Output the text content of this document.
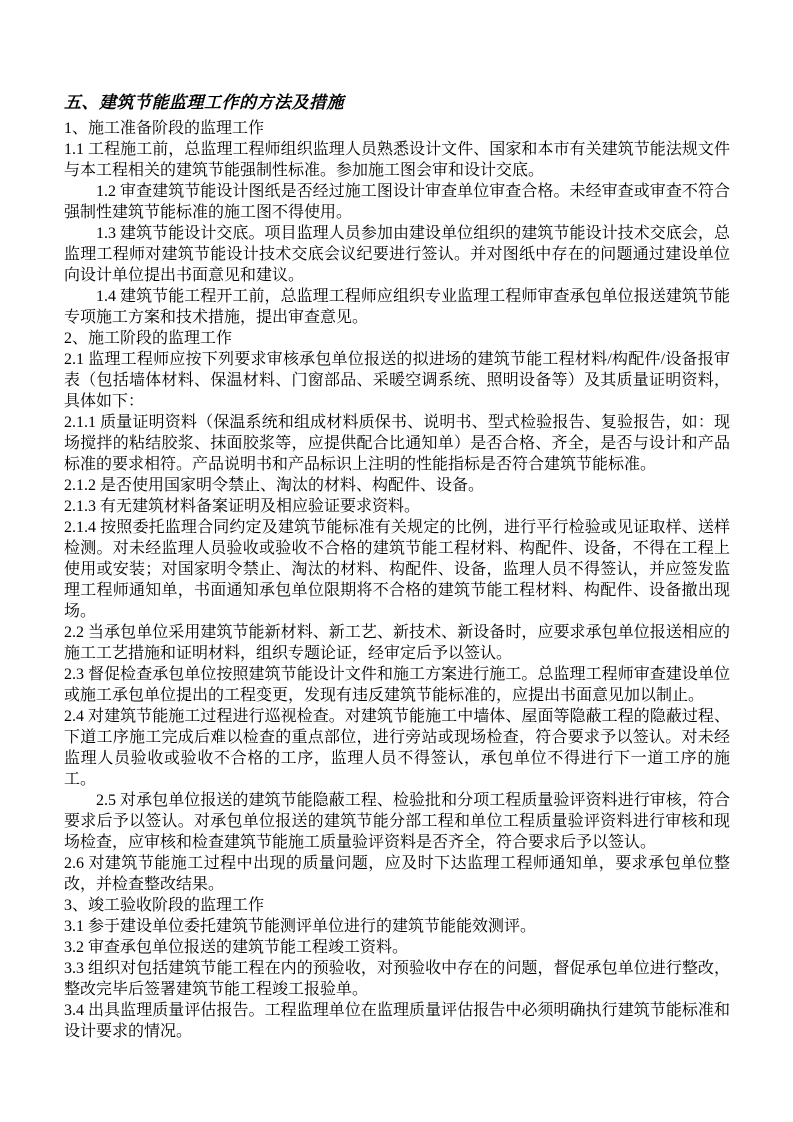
五、建筑节能监理工作的方法及措施

1、施工准备阶段的监理工作

1.1 工程施工前，总监理工程师组织监理人员熟悉设计文件、国家和本市有关建筑节能法规文件与本工程相关的建筑节能强制性标准。参加施工图会审和设计交底。

1.2 审查建筑节能设计图纸是否经过施工图设计审查单位审查合格。未经审查或审查不符合强制性建筑节能标准的施工图不得使用。

1.3 建筑节能设计交底。项目监理人员参加由建设单位组织的建筑节能设计技术交底会，总监理工程师对建筑节能设计技术交底会议纪要进行签认。并对图纸中存在的问题通过建设单位向设计单位提出书面意见和建议。

1.4 建筑节能工程开工前，总监理工程师应组织专业监理工程师审查承包单位报送建筑节能专项施工方案和技术措施，提出审查意见。

2、施工阶段的监理工作

2.1 监理工程师应按下列要求审核承包单位报送的拟进场的建筑节能工程材料/构配件/设备报审表（包括墙体材料、保温材料、门窗部品、采暖空调系统、照明设备等）及其质量证明资料，具体如下：

2.1.1 质量证明资料（保温系统和组成材料质保书、说明书、型式检验报告、复验报告，如：现场搅拌的粘结胶浆、抹面胶浆等，应提供配合比通知单）是否合格、齐全，是否与设计和产品标准的要求相符。产品说明书和产品标识上注明的性能指标是否符合建筑节能标准。

2.1.2 是否使用国家明令禁止、淘汰的材料、构配件、设备。

2.1.3 有无建筑材料备案证明及相应验证要求资料。

2.1.4 按照委托监理合同约定及建筑节能标准有关规定的比例，进行平行检验或见证取样、送样检测。对未经监理人员验收或验收不合格的建筑节能工程材料、构配件、设备，不得在工程上使用或安装；对国家明令禁止、淘汰的材料、构配件、设备，监理人员不得签认，并应签发监理工程师通知单，书面通知承包单位限期将不合格的建筑节能工程材料、构配件、设备撤出现场。

2.2 当承包单位采用建筑节能新材料、新工艺、新技术、新设备时，应要求承包单位报送相应的施工工艺措施和证明材料，组织专题论证，经审定后予以签认。

2.3 督促检查承包单位按照建筑节能设计文件和施工方案进行施工。总监理工程师审查建设单位或施工承包单位提出的工程变更，发现有违反建筑节能标准的，应提出书面意见加以制止。

2.4 对建筑节能施工过程进行巡视检查。对建筑节能施工中墙体、屋面等隐蔽工程的隐蔽过程、下道工序施工完成后难以检查的重点部位，进行旁站或现场检查，符合要求予以签认。对未经监理人员验收或验收不合格的工序，监理人员不得签认，承包单位不得进行下一道工序的施工。

2.5 对承包单位报送的建筑节能隐蔽工程、检验批和分项工程质量验评资料进行审核，符合要求后予以签认。对承包单位报送的建筑节能分部工程和单位工程质量验评资料进行审核和现场检查，应审核和检查建筑节能施工质量验评资料是否齐全，符合要求后予以签认。

2.6 对建筑节能施工过程中出现的质量问题，应及时下达监理工程师通知单，要求承包单位整改，并检查整改结果。

3、竣工验收阶段的监理工作

3.1 参于建设单位委托建筑节能测评单位进行的建筑节能能效测评。

3.2 审查承包单位报送的建筑节能工程竣工资料。

3.3 组织对包括建筑节能工程在内的预验收，对预验收中存在的问题，督促承包单位进行整改，整改完毕后签署建筑节能工程竣工报验单。

3.4 出具监理质量评估报告。工程监理单位在监理质量评估报告中必须明确执行建筑节能标准和设计要求的情况。
